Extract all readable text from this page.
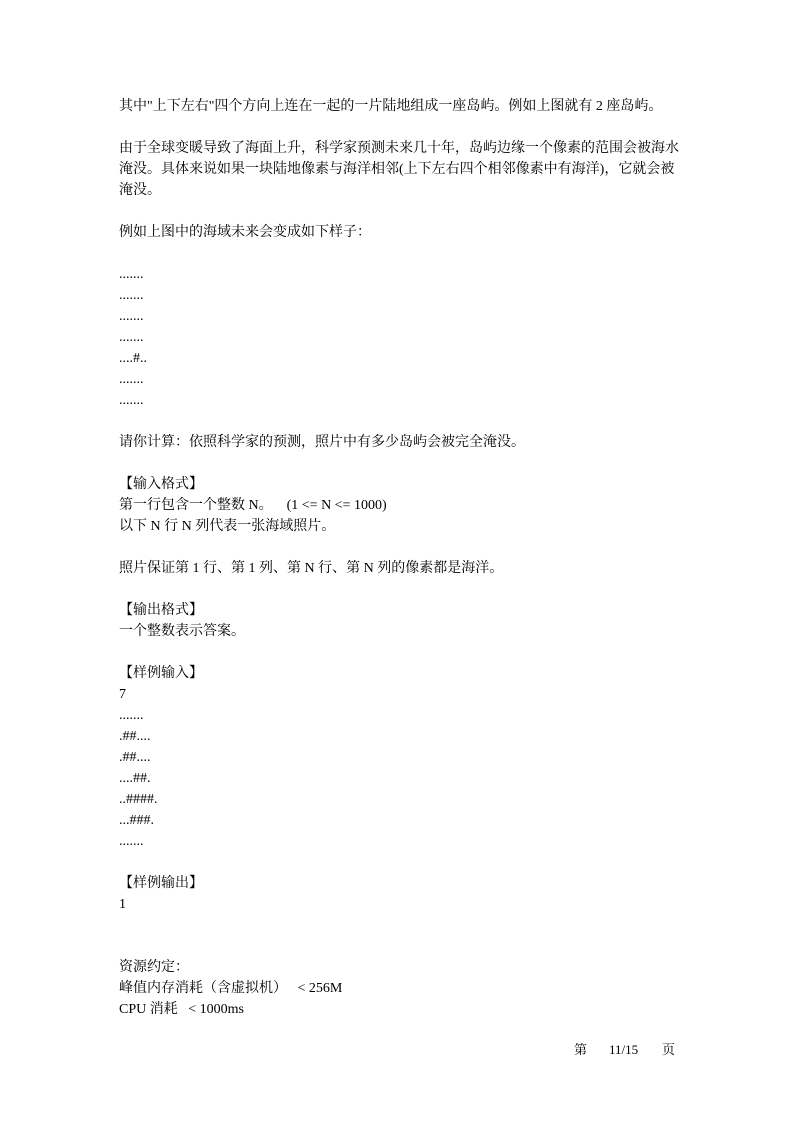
其中"上下左右"四个方向上连在一起的一片陆地组成一座岛屿。例如上图就有 2 座岛屿。
由于全球变暖导致了海面上升，科学家预测未来几十年，岛屿边缘一个像素的范围会被海水淹没。具体来说如果一块陆地像素与海洋相邻(上下左右四个相邻像素中有海洋)，它就会被淹没。
例如上图中的海域未来会变成如下样子：
.......
.......
.......
.......
....#..
.......
.......
请你计算：依照科学家的预测，照片中有多少岛屿会被完全淹没。
【输入格式】
第一行包含一个整数 N。    (1 <= N <= 1000)
以下 N 行 N 列代表一张海域照片。
照片保证第 1 行、第 1 列、第 N 行、第 N 列的像素都是海洋。
【输出格式】
一个整数表示答案。
【样例输入】
7
.......
.##....
.##....
....##.
..####.
...###.
.......
【样例输出】
1
资源约定：
峰值内存消耗（含虚拟机）   < 256M
CPU 消耗   < 1000ms
第 11/15 页
